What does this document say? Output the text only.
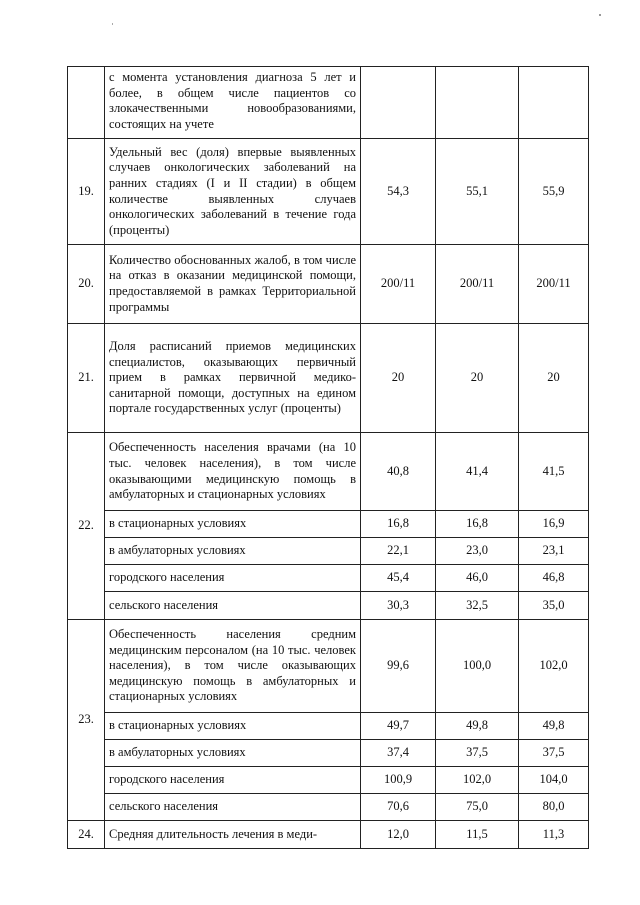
	с момента установления диагноза 5 лет и более, в общем числе пациентов со злокачественными новообразованиями, состоящих на учете			
19.	Удельный вес (доля) впервые выявленных случаев онкологических заболеваний на ранних стадиях (I и II стадии) в общем количестве выявленных случаев онкологических заболеваний в течение года (проценты)	54,3	55,1	55,9
20.	Количество обоснованных жалоб, в том числе на отказ в оказании медицинской помощи, предоставляемой в рамках Территориальной программы	200/11	200/11	200/11
21.	Доля расписаний приемов медицинских специалистов, оказывающих первичный прием в рамках первичной медико-санитарной помощи, доступных на едином портале государственных услуг (проценты)	20	20	20
22.	Обеспеченность населения врачами (на 10 тыс. человек населения), в том числе оказывающими медицинскую помощь в амбулаторных и стационарных условиях	40,8	41,4	41,5
	в стационарных условиях	16,8	16,8	16,9
	в амбулаторных условиях	22,1	23,0	23,1
	городского населения	45,4	46,0	46,8
	сельского населения	30,3	32,5	35,0
23.	Обеспеченность населения средним медицинским персоналом (на 10 тыс. человек населения), в том числе оказывающих медицинскую помощь в амбулаторных и стационарных условиях	99,6	100,0	102,0
	в стационарных условиях	49,7	49,8	49,8
	в амбулаторных условиях	37,4	37,5	37,5
	городского населения	100,9	102,0	104,0
	сельского населения	70,6	75,0	80,0
24.	Средняя длительность лечения в меди-	12,0	11,5	11,3
